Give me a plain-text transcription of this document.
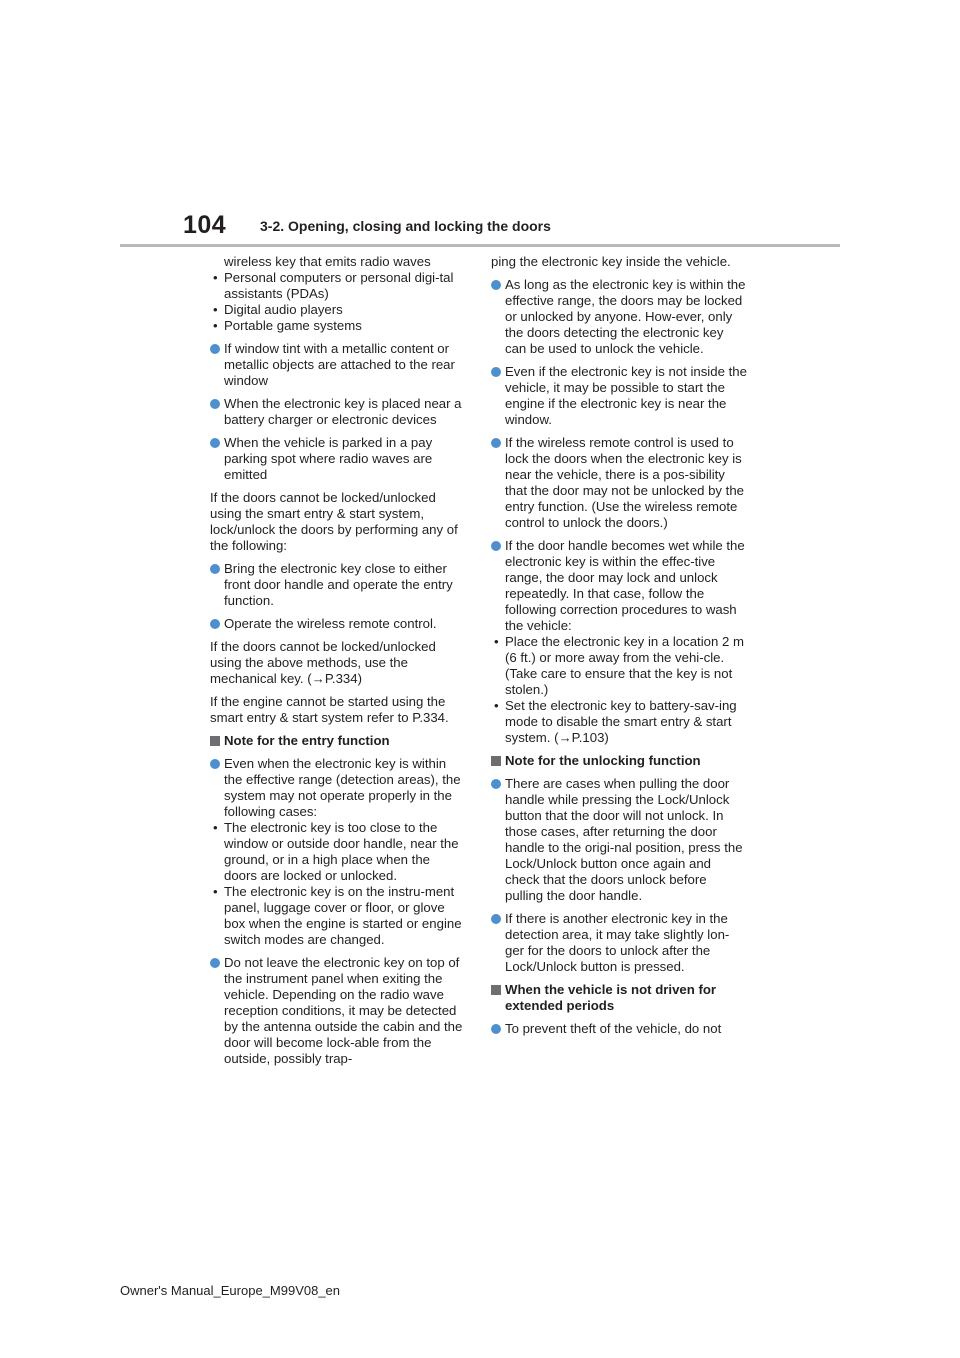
104 3-2. Opening, closing and locking the doors
wireless key that emits radio waves
• Personal computers or personal digi-tal assistants (PDAs)
• Digital audio players
• Portable game systems
If window tint with a metallic content or metallic objects are attached to the rear window
When the electronic key is placed near a battery charger or electronic devices
When the vehicle is parked in a pay parking spot where radio waves are emitted
If the doors cannot be locked/unlocked using the smart entry & start system, lock/unlock the doors by performing any of the following:
Bring the electronic key close to either front door handle and operate the entry function.
Operate the wireless remote control.
If the doors cannot be locked/unlocked using the above methods, use the mechanical key. (→P.334)
If the engine cannot be started using the smart entry & start system refer to P.334.
Note for the entry function
Even when the electronic key is within the effective range (detection areas), the system may not operate properly in the following cases:
• The electronic key is too close to the window or outside door handle, near the ground, or in a high place when the doors are locked or unlocked.
• The electronic key is on the instru-ment panel, luggage cover or floor, or glove box when the engine is started or engine switch modes are changed.
Do not leave the electronic key on top of the instrument panel when exiting the vehicle. Depending on the radio wave reception conditions, it may be detected by the antenna outside the cabin and the door will become lock-able from the outside, possibly trap-
ping the electronic key inside the vehicle.
As long as the electronic key is within the effective range, the doors may be locked or unlocked by anyone. How-ever, only the doors detecting the electronic key can be used to unlock the vehicle.
Even if the electronic key is not inside the vehicle, it may be possible to start the engine if the electronic key is near the window.
If the wireless remote control is used to lock the doors when the electronic key is near the vehicle, there is a pos-sibility that the door may not be unlocked by the entry function. (Use the wireless remote control to unlock the doors.)
If the door handle becomes wet while the electronic key is within the effec-tive range, the door may lock and unlock repeatedly. In that case, follow the following correction procedures to wash the vehicle:
• Place the electronic key in a location 2 m (6 ft.) or more away from the vehi-cle. (Take care to ensure that the key is not stolen.)
• Set the electronic key to battery-sav-ing mode to disable the smart entry & start system. (→P.103)
Note for the unlocking function
There are cases when pulling the door handle while pressing the Lock/Unlock button that the door will not unlock. In those cases, after returning the door handle to the origi-nal position, press the Lock/Unlock button once again and check that the doors unlock before pulling the door handle.
If there is another electronic key in the detection area, it may take slightly lon-ger for the doors to unlock after the Lock/Unlock button is pressed.
When the vehicle is not driven for extended periods
To prevent theft of the vehicle, do not
Owner's Manual_Europe_M99V08_en
